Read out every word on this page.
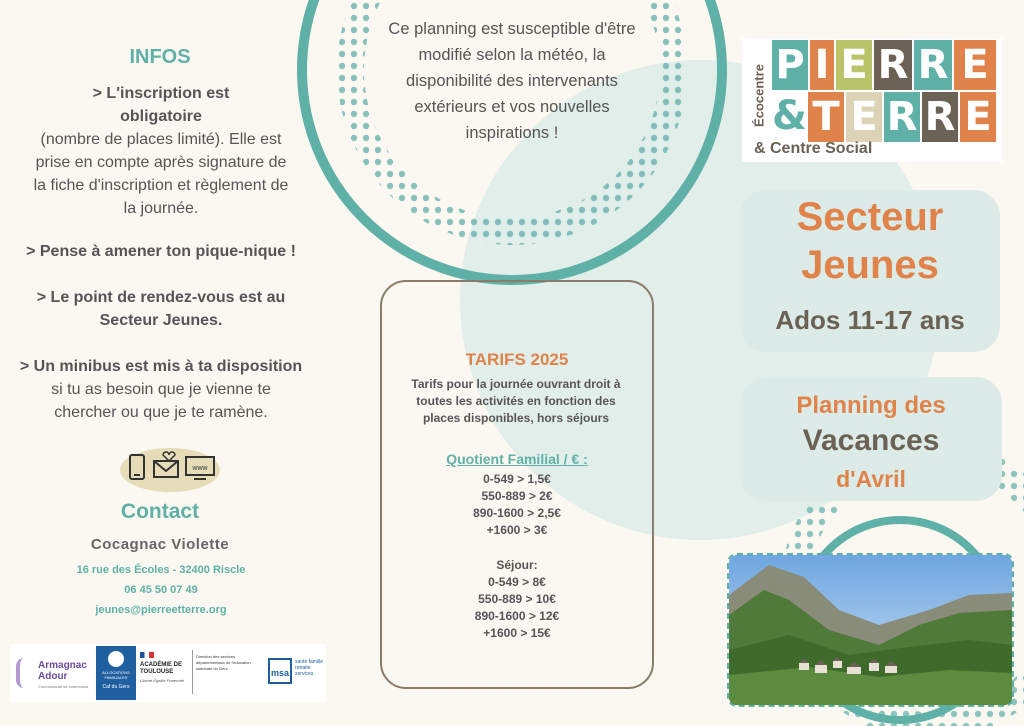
INFOS
> L'inscription est obligatoire
(nombre de places limité). Elle est prise en compte après signature de la fiche d'inscription et règlement de la journée.
> Pense à amener ton pique-nique !
> Le point de rendez-vous est au Secteur Jeunes.
> Un minibus est mis à ta disposition
si tu as besoin que je vienne te chercher ou que je te ramène.
www
Contact
Cocagnac Violette
16 rue des Écoles - 32400 Riscle
06 45 50 07 49
jeunes@pierreetterre.org
Armagnac Adour
Communauté de communes
ALLOCATIONS FAMILIALES
Caf du Gers
ACADÉMIE DE TOULOUSE
Liberté Égalité Fraternité
Direction des services départementaux de l'éducation nationale du Gers	msa
santé famille retraite services
Ce planning est susceptible d'être modifié selon la météo, la disponibilité des intervenants extérieurs et vos nouvelles inspirations !
TARIFS 2025
Tarifs pour la journée ouvrant droit à toutes les activités en fonction des places disponibles, hors séjours
Quotient Familial / € :
0-549 > 1,5€
550-889 > 2€
890-1600 > 2,5€
+1600 > 3€
Séjour:
0-549 > 8€
550-889 > 10€
890-1600 > 12€
+1600 > 15€
Écocentre P I E R R E
& T E R R E
& Centre Social
Secteur Jeunes
Ados 11-17 ans
Planning des
Vacances
d'Avril
